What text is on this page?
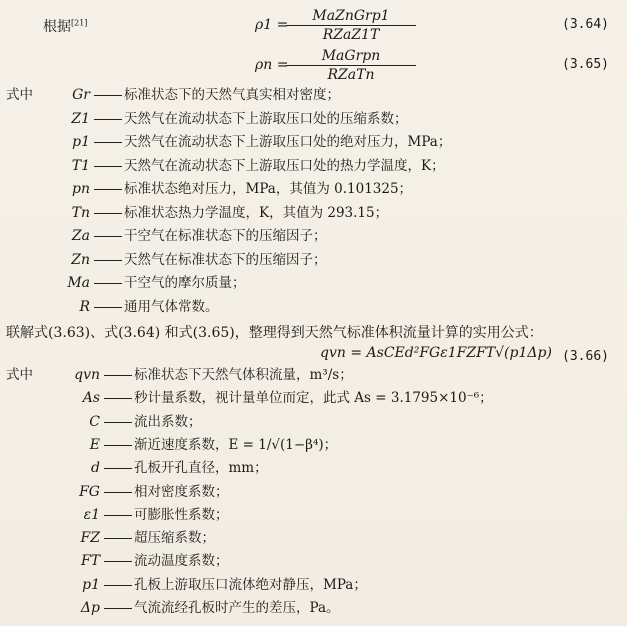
根据[21]	ρ1 =
MaZnGrp1
RZaZ1T
(3.64)
ρn =
MaGrpn
RZaTn
(3.65)
式中	Gr	标准状态下的天然气真实相对密度；
Z1	天然气在流动状态下上游取压口处的压缩系数；
p1	天然气在流动状态下上游取压口处的绝对压力，MPa；
T1	天然气在流动状态下上游取压口处的热力学温度，K；
pn	标准状态绝对压力，MPa，其值为 0.101325；
Tn	标准状态热力学温度，K，其值为 293.15；
Za	干空气在标准状态下的压缩因子；
Zn	天然气在标准状态下的压缩因子；
Ma	干空气的摩尔质量；
R	通用气体常数。
联解式(3.63)、式(3.64) 和式(3.65)，整理得到天然气标准体积流量计算的实用公式：
qvn = AsCEd²FGε1FZFT√(p1Δp) (3.66)
式中	qvn	标准状态下天然气体积流量，m³/s；
As	秒计量系数，视计量单位而定，此式 As = 3.1795×10⁻⁶；
C	流出系数；
E	渐近速度系数，E = 1/√(1−β⁴)；
d	孔板开孔直径，mm；
FG	相对密度系数；
ε1	可膨胀性系数；
FZ	超压缩系数；
FT	流动温度系数；
p1	孔板上游取压口流体绝对静压，MPa；
Δp	气流流经孔板时产生的差压，Pa。
